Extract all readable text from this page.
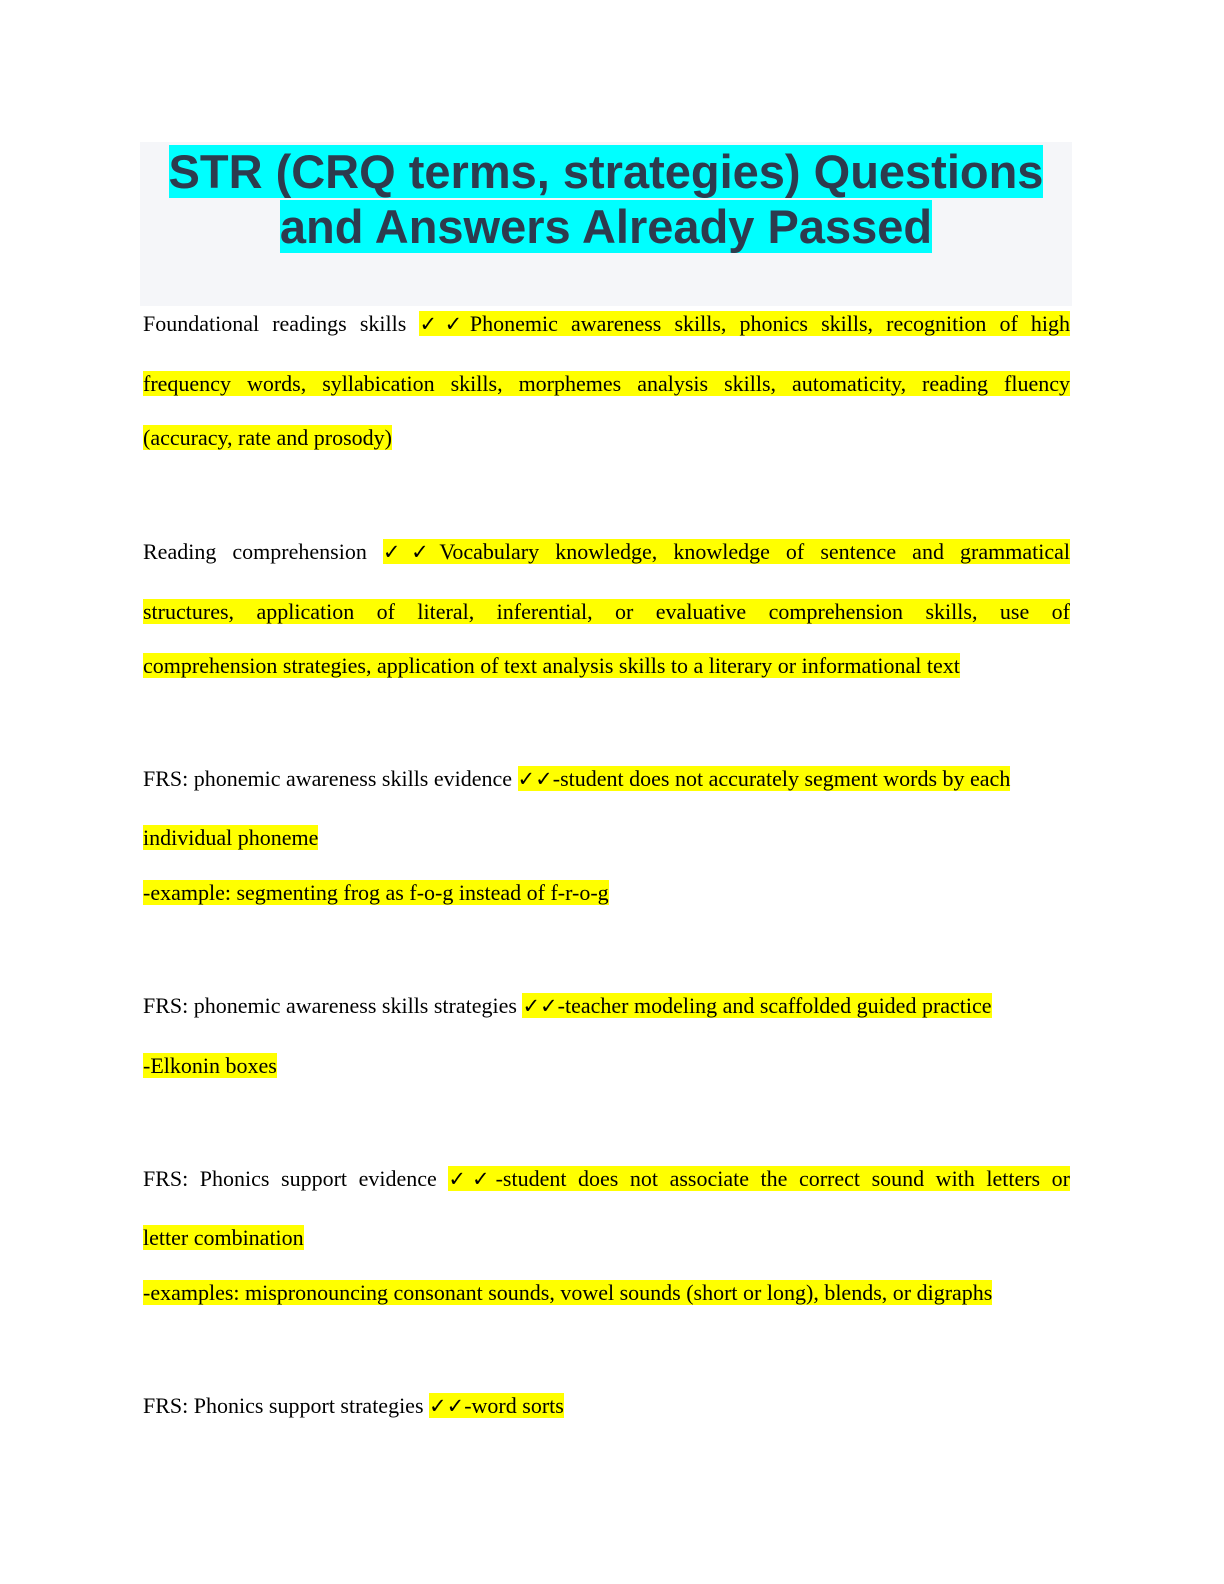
STR (CRQ terms, strategies) Questions and Answers Already Passed
Foundational readings skills ✓✓Phonemic awareness skills, phonics skills, recognition of high
frequency words, syllabication skills, morphemes analysis skills, automaticity, reading fluency
(accuracy, rate and prosody)
Reading comprehension ✓✓Vocabulary knowledge, knowledge of sentence and grammatical
structures, application of literal, inferential, or evaluative comprehension skills, use of
comprehension strategies, application of text analysis skills to a literary or informational text
FRS: phonemic awareness skills evidence ✓✓-student does not accurately segment words by each
individual phoneme
-example: segmenting frog as f-o-g instead of f-r-o-g
FRS: phonemic awareness skills strategies ✓✓-teacher modeling and scaffolded guided practice
-Elkonin boxes
FRS: Phonics support evidence ✓✓-student does not associate the correct sound with letters or
letter combination
-examples: mispronouncing consonant sounds, vowel sounds (short or long), blends, or digraphs
FRS: Phonics support strategies ✓✓-word sorts
